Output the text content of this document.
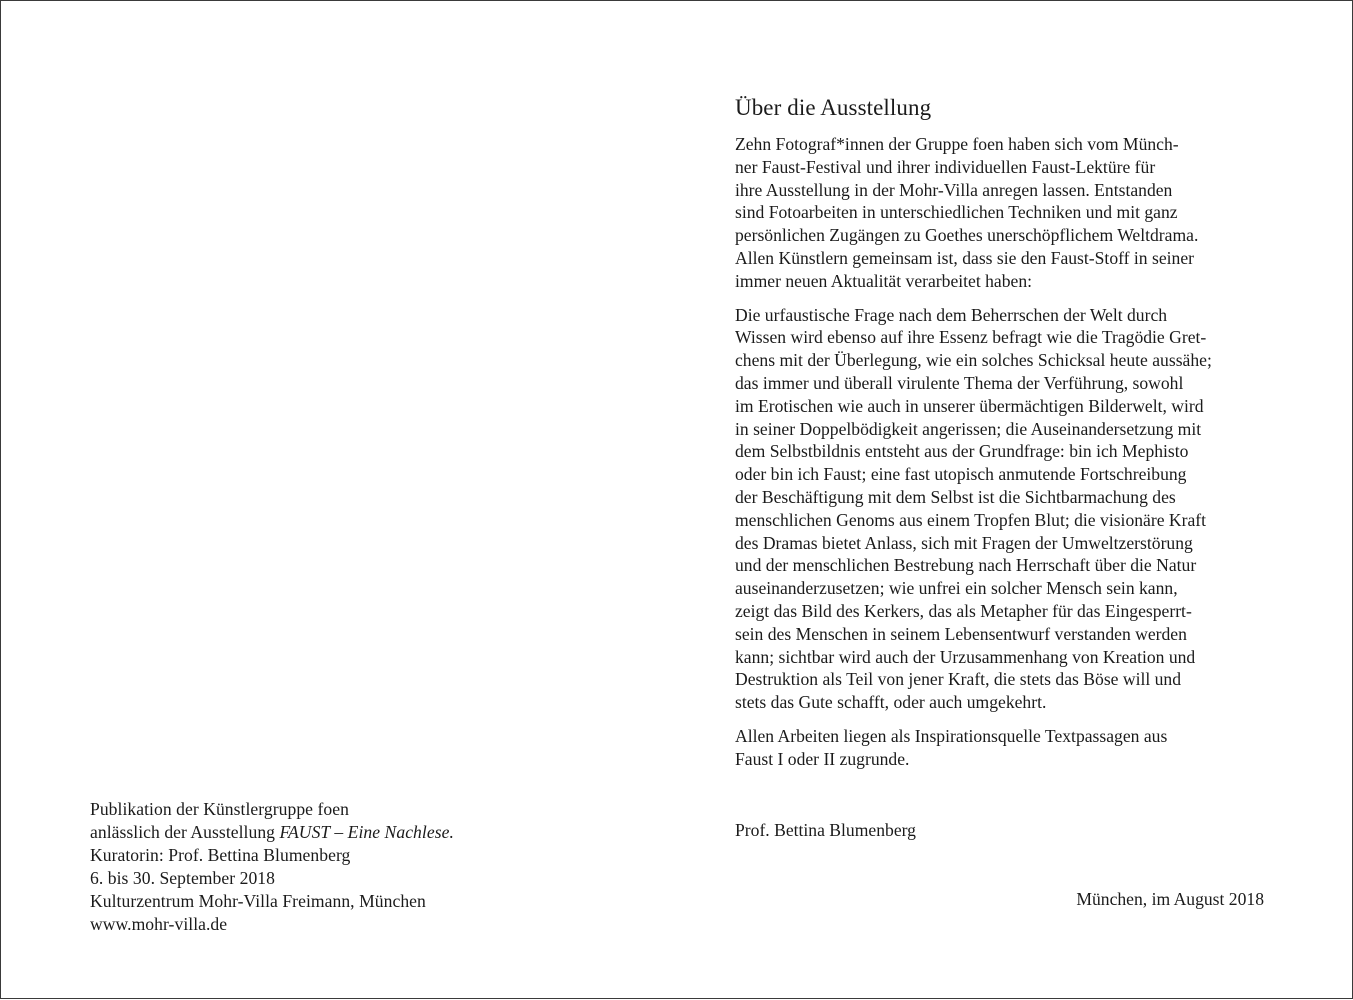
Publikation der Künstlergruppe foen
anlässlich der Ausstellung FAUST – Eine Nachlese.
Kuratorin: Prof. Bettina Blumenberg
6. bis 30. September 2018
Kulturzentrum Mohr-Villa Freimann, München
www.mohr-villa.de
Über die Ausstellung

Zehn Fotograf*innen der Gruppe foen haben sich vom Münch-
ner Faust-Festival und ihrer individuellen Faust-Lektüre für
ihre Ausstellung in der Mohr-Villa anregen lassen. Entstanden
sind Fotoarbeiten in unterschiedlichen Techniken und mit ganz
persönlichen Zugängen zu Goethes unerschöpflichem Weltdrama.
Allen Künstlern gemeinsam ist, dass sie den Faust-Stoff in seiner
immer neuen Aktualität verarbeitet haben:

Die urfaustische Frage nach dem Beherrschen der Welt durch
Wissen wird ebenso auf ihre Essenz befragt wie die Tragödie Gret-
chens mit der Überlegung, wie ein solches Schicksal heute aussähe;
das immer und überall virulente Thema der Verführung, sowohl
im Erotischen wie auch in unserer übermächtigen Bilderwelt, wird
in seiner Doppelbödigkeit angerissen; die Auseinandersetzung mit
dem Selbstbildnis entsteht aus der Grundfrage: bin ich Mephisto
oder bin ich Faust; eine fast utopisch anmutende Fortschreibung
der Beschäftigung mit dem Selbst ist die Sichtbarmachung des
menschlichen Genoms aus einem Tropfen Blut; die visionäre Kraft
des Dramas bietet Anlass, sich mit Fragen der Umweltzerstörung
und der menschlichen Bestrebung nach Herrschaft über die Natur
auseinanderzusetzen; wie unfrei ein solcher Mensch sein kann,
zeigt das Bild des Kerkers, das als Metapher für das Eingesperrt-
sein des Menschen in seinem Lebensentwurf verstanden werden
kann; sichtbar wird auch der Urzusammenhang von Kreation und
Destruktion als Teil von jener Kraft, die stets das Böse will und
stets das Gute schafft, oder auch umgekehrt.

Allen Arbeiten liegen als Inspirationsquelle Textpassagen aus
Faust I oder II zugrunde.

Prof. Bettina Blumenberg
München, im August 2018
